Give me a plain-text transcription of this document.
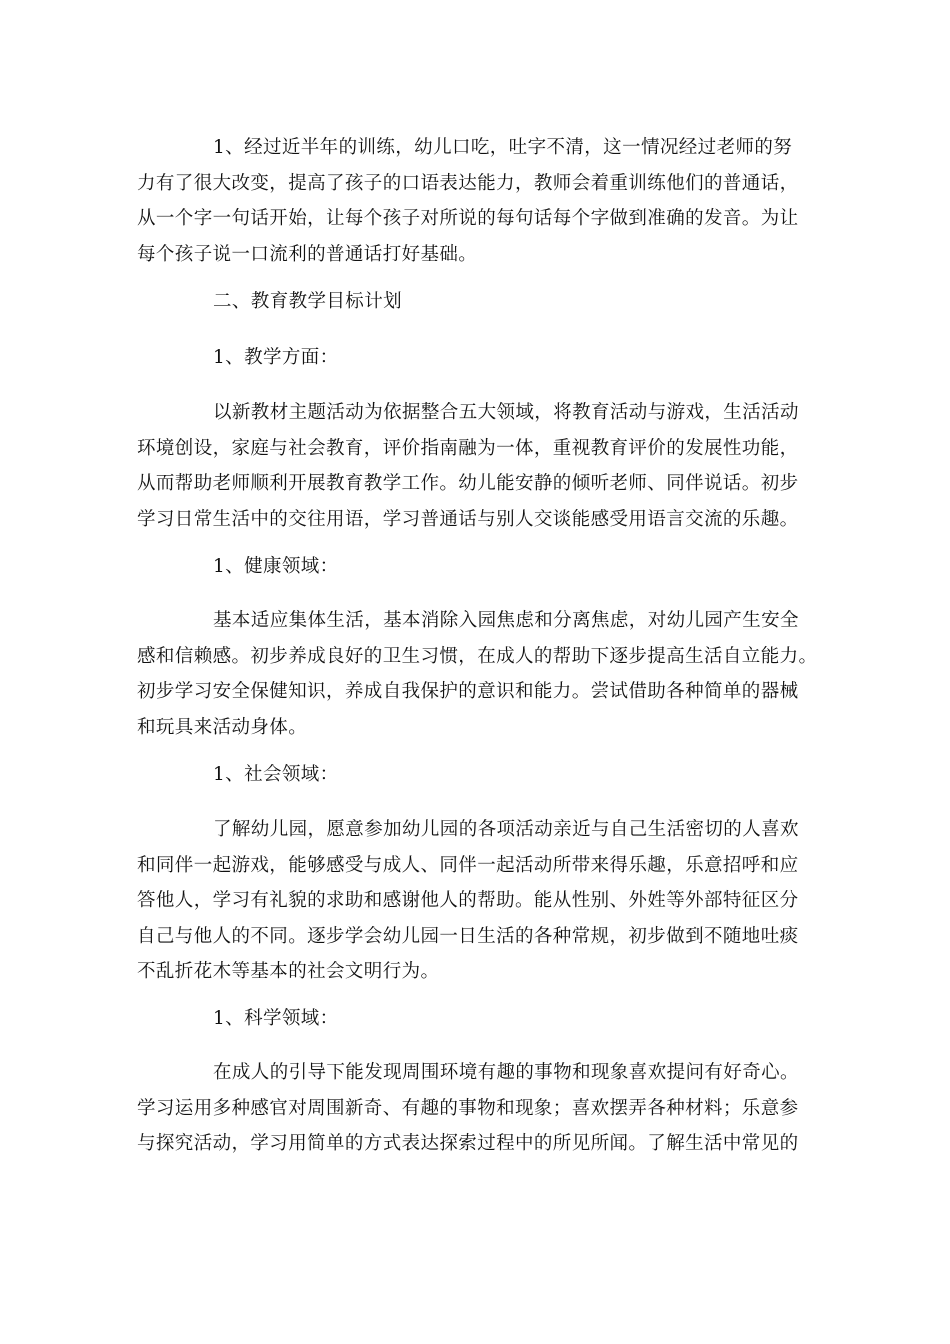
1、经过近半年的训练，幼儿口吃，吐字不清，这一情况经过老师的努
力有了很大改变，提高了孩子的口语表达能力，教师会着重训练他们的普通话，
从一个字一句话开始，让每个孩子对所说的每句话每个字做到准确的发音。为让
每个孩子说一口流利的普通话打好基础。
二、教育教学目标计划
1、教学方面：
以新教材主题活动为依据整合五大领域，将教育活动与游戏，生活活动
环境创设，家庭与社会教育，评价指南融为一体，重视教育评价的发展性功能，
从而帮助老师顺利开展教育教学工作。幼儿能安静的倾听老师、同伴说话。初步
学习日常生活中的交往用语，学习普通话与别人交谈能感受用语言交流的乐趣。
1、健康领域：
基本适应集体生活，基本消除入园焦虑和分离焦虑，对幼儿园产生安全
感和信赖感。初步养成良好的卫生习惯，在成人的帮助下逐步提高生活自立能力。
初步学习安全保健知识，养成自我保护的意识和能力。尝试借助各种简单的器械
和玩具来活动身体。
1、社会领域：
了解幼儿园，愿意参加幼儿园的各项活动亲近与自己生活密切的人喜欢
和同伴一起游戏，能够感受与成人、同伴一起活动所带来得乐趣，乐意招呼和应
答他人，学习有礼貌的求助和感谢他人的帮助。能从性别、外姓等外部特征区分
自己与他人的不同。逐步学会幼儿园一日生活的各种常规，初步做到不随地吐痰
不乱折花木等基本的社会文明行为。
1、科学领域：
在成人的引导下能发现周围环境有趣的事物和现象喜欢提问有好奇心。
学习运用多种感官对周围新奇、有趣的事物和现象；喜欢摆弄各种材料；乐意参
与探究活动，学习用简单的方式表达探索过程中的所见所闻。了解生活中常见的
